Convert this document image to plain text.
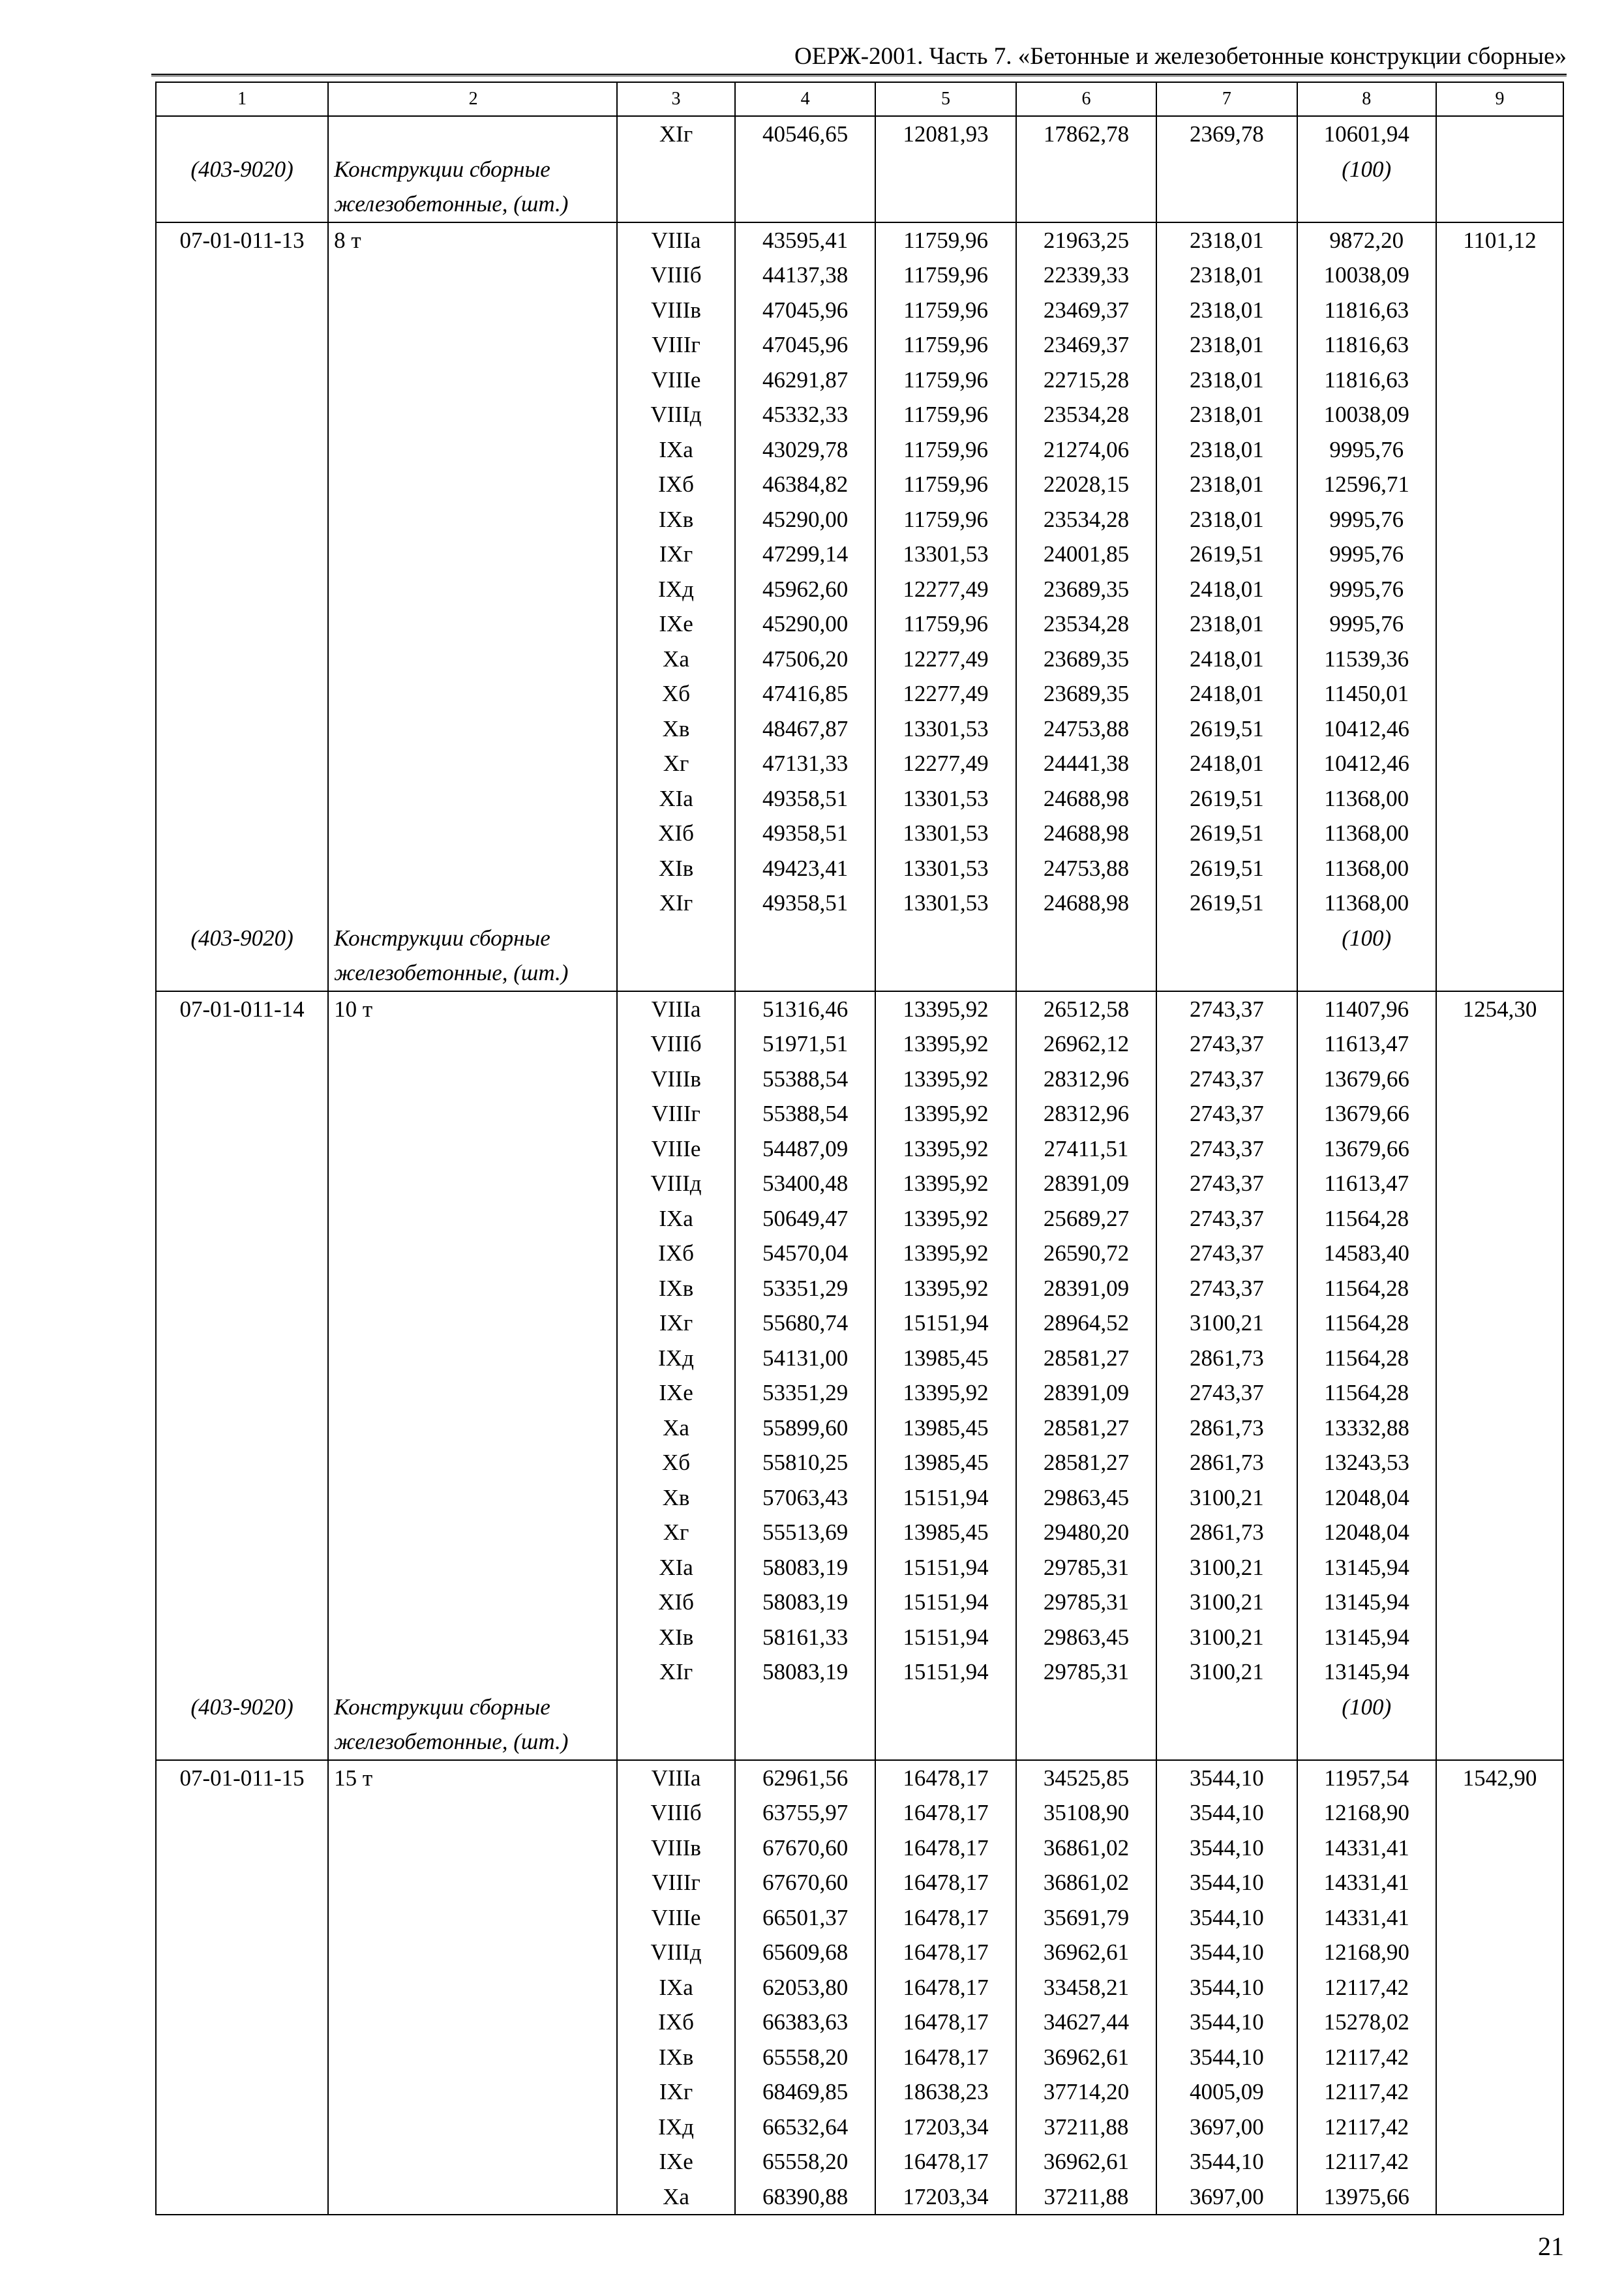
ОЕРЖ-2001. Часть 7. «Бетонные и железобетонные конструкции сборные»
1	2	3	4	5	6	7	8	9
		XIг	40546,65	12081,93	17862,78	2369,78	10601,94	
(403-9020)	Конструкции сборные						(100)	
	железобетонные, (шт.)							
07-01-011-13	8 т	VIIIа	43595,41	11759,96	21963,25	2318,01	9872,20	1101,12
		VIIIб	44137,38	11759,96	22339,33	2318,01	10038,09	
		VIIIв	47045,96	11759,96	23469,37	2318,01	11816,63	
		VIIIг	47045,96	11759,96	23469,37	2318,01	11816,63	
		VIIIе	46291,87	11759,96	22715,28	2318,01	11816,63	
		VIIIд	45332,33	11759,96	23534,28	2318,01	10038,09	
		IXа	43029,78	11759,96	21274,06	2318,01	9995,76	
		IXб	46384,82	11759,96	22028,15	2318,01	12596,71	
		IXв	45290,00	11759,96	23534,28	2318,01	9995,76	
		IXг	47299,14	13301,53	24001,85	2619,51	9995,76	
		IXд	45962,60	12277,49	23689,35	2418,01	9995,76	
		IXе	45290,00	11759,96	23534,28	2318,01	9995,76	
		Xа	47506,20	12277,49	23689,35	2418,01	11539,36	
		Xб	47416,85	12277,49	23689,35	2418,01	11450,01	
		Xв	48467,87	13301,53	24753,88	2619,51	10412,46	
		Xг	47131,33	12277,49	24441,38	2418,01	10412,46	
		XIа	49358,51	13301,53	24688,98	2619,51	11368,00	
		XIб	49358,51	13301,53	24688,98	2619,51	11368,00	
		XIв	49423,41	13301,53	24753,88	2619,51	11368,00	
		XIг	49358,51	13301,53	24688,98	2619,51	11368,00	
(403-9020)	Конструкции сборные						(100)	
	железобетонные, (шт.)							
07-01-011-14	10 т	VIIIа	51316,46	13395,92	26512,58	2743,37	11407,96	1254,30
		VIIIб	51971,51	13395,92	26962,12	2743,37	11613,47	
		VIIIв	55388,54	13395,92	28312,96	2743,37	13679,66	
		VIIIг	55388,54	13395,92	28312,96	2743,37	13679,66	
		VIIIе	54487,09	13395,92	27411,51	2743,37	13679,66	
		VIIIд	53400,48	13395,92	28391,09	2743,37	11613,47	
		IXа	50649,47	13395,92	25689,27	2743,37	11564,28	
		IXб	54570,04	13395,92	26590,72	2743,37	14583,40	
		IXв	53351,29	13395,92	28391,09	2743,37	11564,28	
		IXг	55680,74	15151,94	28964,52	3100,21	11564,28	
		IXд	54131,00	13985,45	28581,27	2861,73	11564,28	
		IXе	53351,29	13395,92	28391,09	2743,37	11564,28	
		Xа	55899,60	13985,45	28581,27	2861,73	13332,88	
		Xб	55810,25	13985,45	28581,27	2861,73	13243,53	
		Xв	57063,43	15151,94	29863,45	3100,21	12048,04	
		Xг	55513,69	13985,45	29480,20	2861,73	12048,04	
		XIа	58083,19	15151,94	29785,31	3100,21	13145,94	
		XIб	58083,19	15151,94	29785,31	3100,21	13145,94	
		XIв	58161,33	15151,94	29863,45	3100,21	13145,94	
		XIг	58083,19	15151,94	29785,31	3100,21	13145,94	
(403-9020)	Конструкции сборные						(100)	
	железобетонные, (шт.)							
07-01-011-15	15 т	VIIIа	62961,56	16478,17	34525,85	3544,10	11957,54	1542,90
		VIIIб	63755,97	16478,17	35108,90	3544,10	12168,90	
		VIIIв	67670,60	16478,17	36861,02	3544,10	14331,41	
		VIIIг	67670,60	16478,17	36861,02	3544,10	14331,41	
		VIIIе	66501,37	16478,17	35691,79	3544,10	14331,41	
		VIIIд	65609,68	16478,17	36962,61	3544,10	12168,90	
		IXа	62053,80	16478,17	33458,21	3544,10	12117,42	
		IXб	66383,63	16478,17	34627,44	3544,10	15278,02	
		IXв	65558,20	16478,17	36962,61	3544,10	12117,42	
		IXг	68469,85	18638,23	37714,20	4005,09	12117,42	
		IXд	66532,64	17203,34	37211,88	3697,00	12117,42	
		IXе	65558,20	16478,17	36962,61	3544,10	12117,42	
		Xа	68390,88	17203,34	37211,88	3697,00	13975,66	
21
